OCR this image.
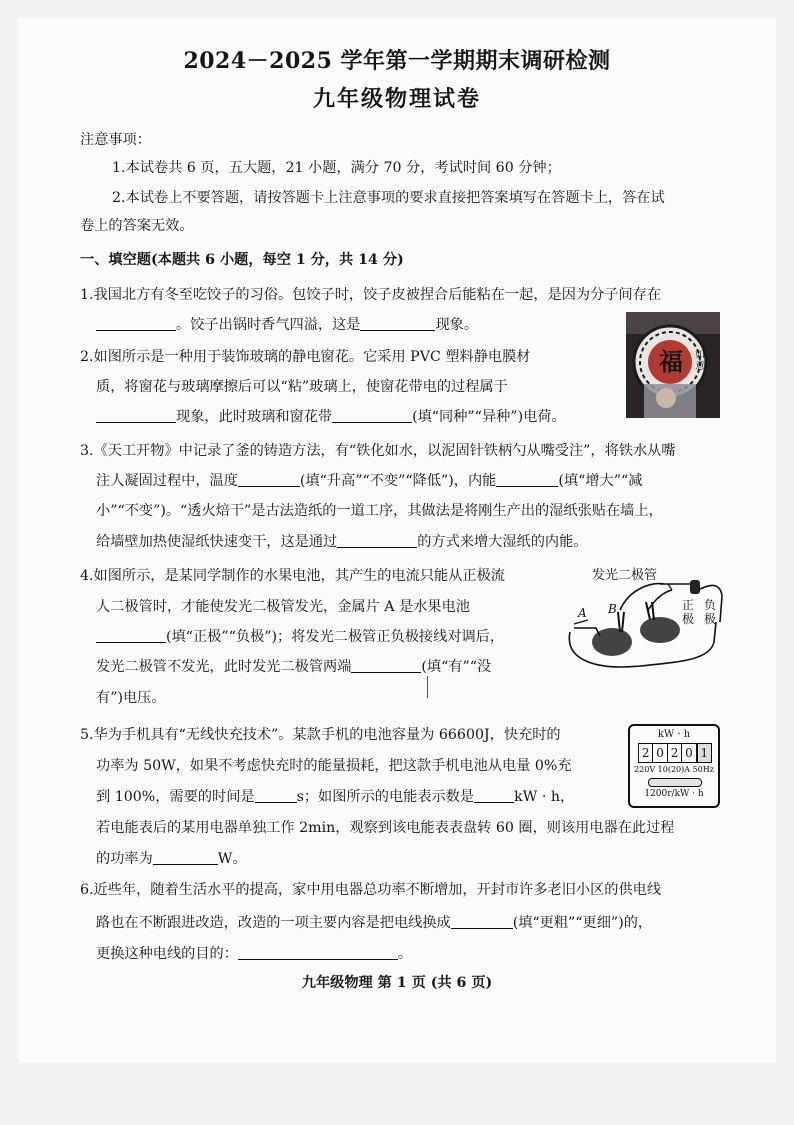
2024－2025 学年第一学期期末调研检测
九年级物理试卷
注意事项：
1.本试卷共 6 页，五大题，21 小题，满分 70 分，考试时间 60 分钟；
2.本试卷上不要答题，请按答题卡上注意事项的要求直接把答案填写在答题卡上，答在试
卷上的答案无效。
一、填空题(本题共 6 小题，每空 1 分，共 14 分)
1.我国北方有冬至吃饺子的习俗。包饺子时，饺子皮被捏合后能粘在一起，是因为分子间存在
。饺子出锅时香气四溢，这是	现象。
2.如图所示是一种用于装饰玻璃的静电窗花。它采用 PVC 塑料静电膜材
质，将窗花与玻璃摩擦后可以“粘”玻璃上，使窗花带电的过程属于
现象，此时玻璃和窗花带	(填“同种”“异种”)电荷。
福	如意
3.《天工开物》中记录了釜的铸造方法，有“铁化如水，以泥固针铁柄勺从嘴受注”，将铁水从嘴
注人凝固过程中，温度	(填“升高”“不变”“降低”)，内能	(填“增大”“减
小”“不变”)。“透火焙干”是古法造纸的一道工序，其做法是将刚生产出的湿纸张贴在墙上，
给墙壁加热使湿纸快速变干，这是通过	的方式来增大湿纸的内能。
4.如图所示，是某同学制作的水果电池，其产生的电流只能从正极流
人二极管时，才能使发光二极管发光，金属片 A 是水果电池
(填“正极”“负极”)；将发光二极管正负极接线对调后，
发光二极管不发光，此时发光二极管两端	(填“有”“没
有”)电压。
发光二极管
正极
负极
A B
5.华为手机具有“无线快充技术”。某款手机的电池容量为 66600J，快充时的
功率为 50W，如果不考虑快充时的能量损耗，把这款手机电池从电量 0%充
到 100%，需要的时间是	s；如图所示的电能表示数是	kW · h，
若电能表后的某用电器单独工作 2min，观察到该电能表表盘转 60 圈，则该用电器在此过程
的功率为	W。
kW · h
2 0 2 0 1
220V 10(20)A 50Hz
1200r/kW · h
6.近些年，随着生活水平的提高，家中用电器总功率不断增加，开封市许多老旧小区的供电线
路也在不断跟进改造，改造的一项主要内容是把电线换成	(填“更粗”“更细”)的，
更换这种电线的目的：	。
九年级物理 第 1 页 (共 6 页)
